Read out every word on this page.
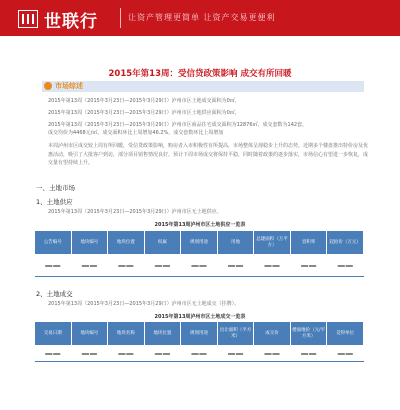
世联行	让资产管理更简单 让资产交易更便利
2015年第13周：受信贷政策影响 成交有所回暖
市场综述
2015年第13周（2015年3月23日—2015年3月29日）泸州市区土地成交面积为0㎡，
2015年第13周（2015年3月23日—2015年3月29日）泸州市区土地供应面积为0㎡，
2015年第13周（2015年3月23日—2015年3月29日）泸州市区商品住宅成交面积为12876㎡，成交套数为142套，
成交均价为4468元/㎡，成交面积环比上周增加46.2%，成交套数环比上周增加
本周泸州市区成交较上周有所回暖，受信贷政策影响，购房者入市积极性有所提高，市场整体呈现稳步上升的态势。近期多个楼盘推出特价房及优惠活动，吸引了大批客户到访，部分项目销售情况良好。预计下周市场成交将保持平稳，同时随着政策的逐步落实，市场信心有望进一步恢复，成交量有望持续上升。
一、土地市场
1、土地供应
2015年第13周（2015年3月23日—2015年3月29日）泸州市区无土地供应。
2015年第13周泸州市区土地供应一览表
公告编号	地块编号	地块位置	权属	规划用途	用地	总建面积（万平方）	容积率	起拍价（万元）
——	——	——	——	——	——	——	——	——
2、土地成交
2015年第13周（2015年3月23日—2015年3月29日）泸州市区无土地成交（挂牌）。
2015年第13周泸州市区土地成交一览表
交易日期	地块编号	地块名称	地块位置	规划用途	出让面积（平方米）	成交价	楼面地价（元/平方米）	竞得单位
——	——	——	——	——	——	——	——	——
